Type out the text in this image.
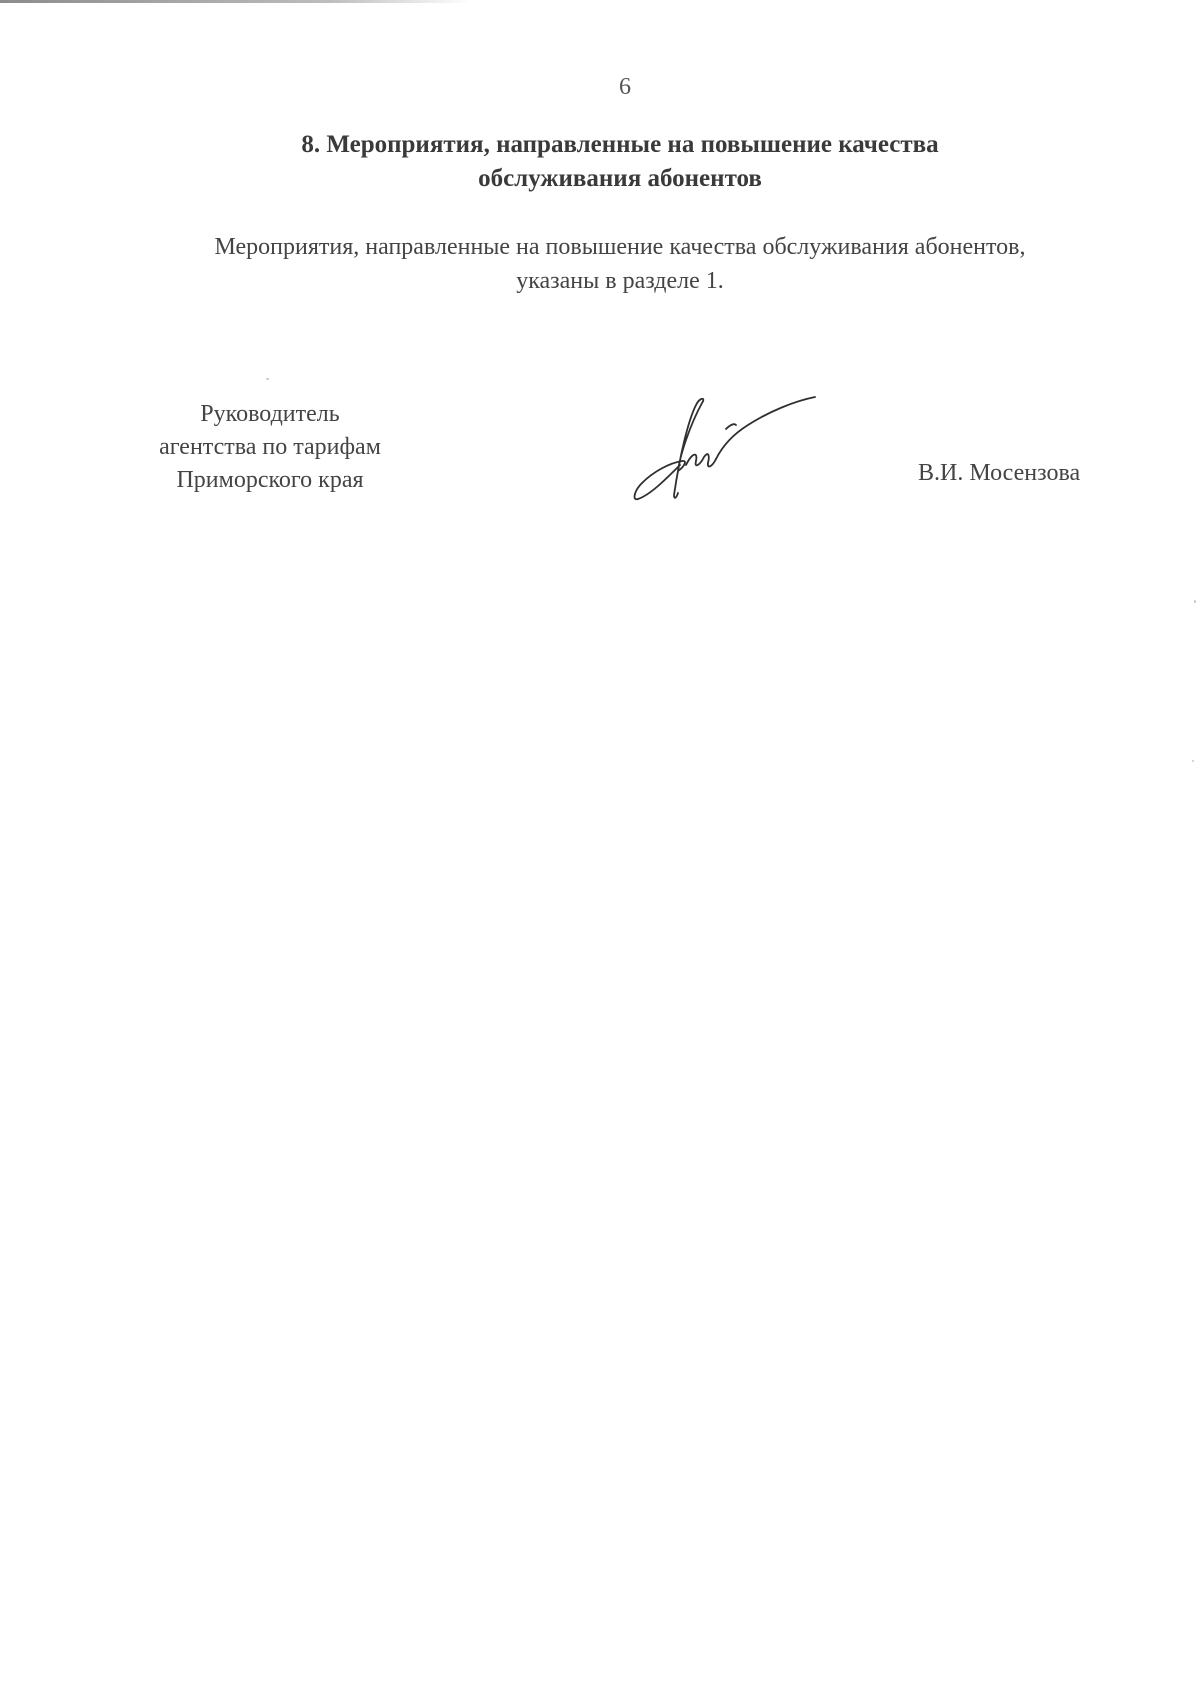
6
8. Мероприятия, направленные на повышение качества
обслуживания абонентов
Мероприятия, направленные на повышение качества обслуживания абонентов,
указаны в разделе 1.
Руководитель
агентства по тарифам
Приморского края	В.И. Мосензова
